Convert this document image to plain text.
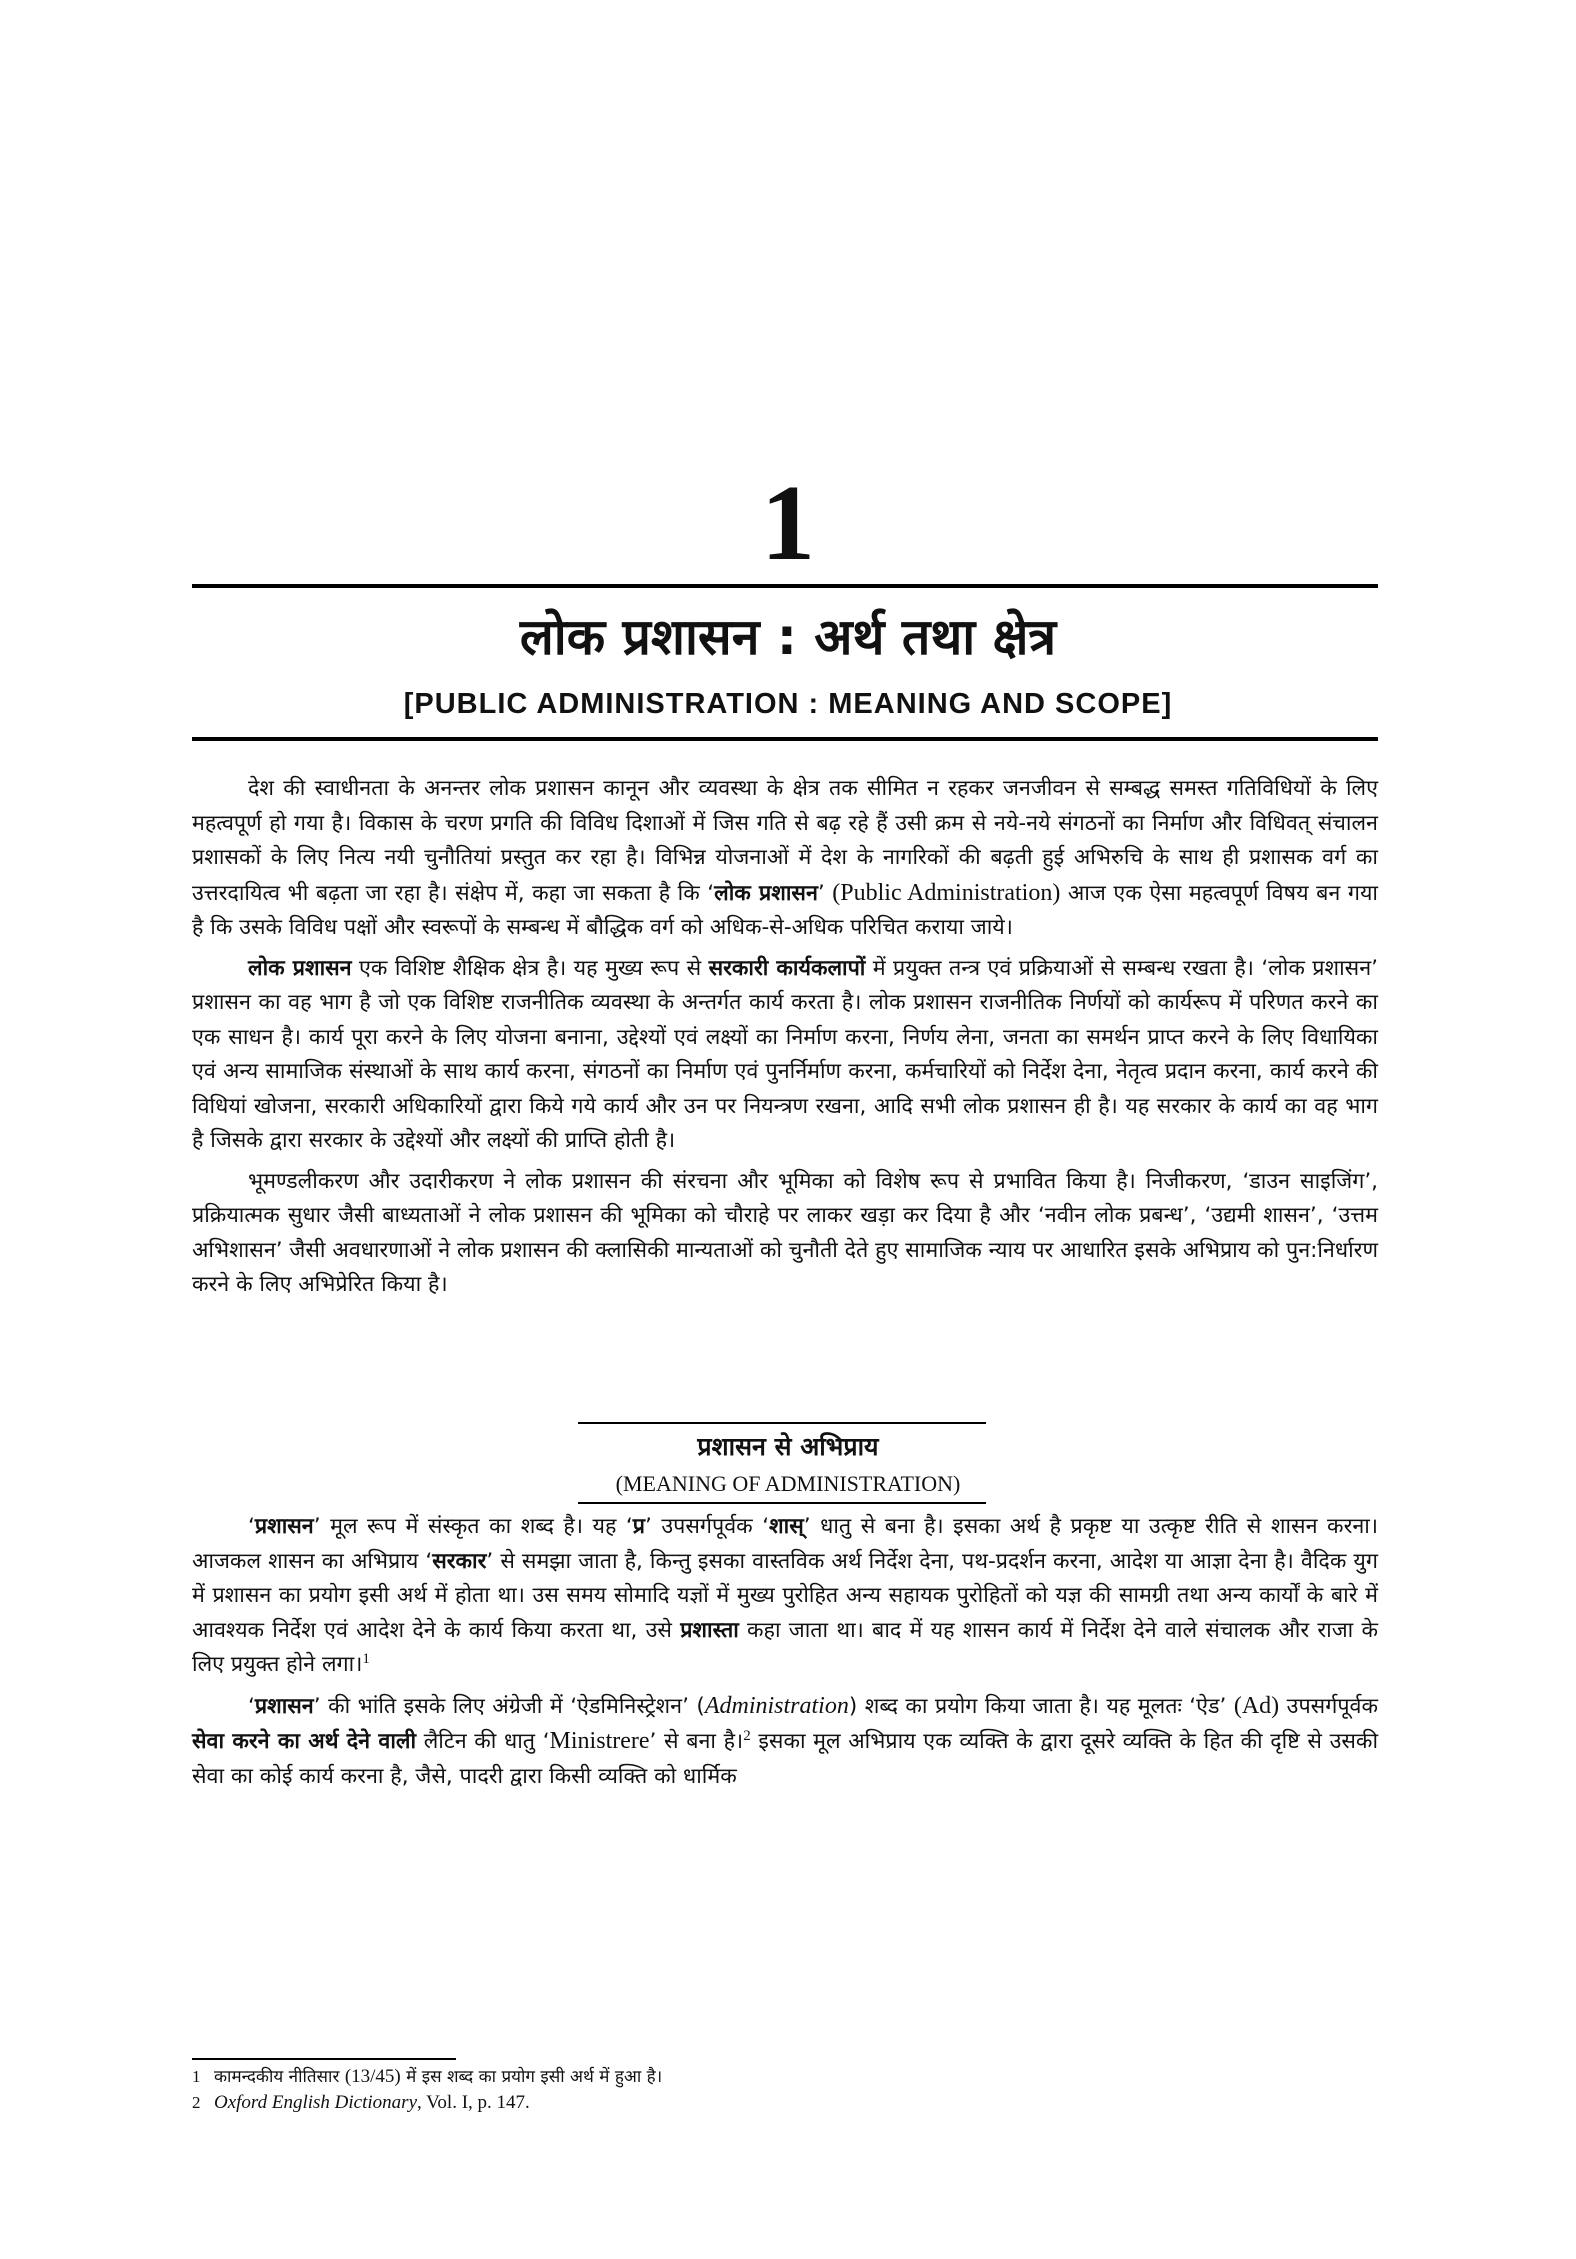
1
लोक प्रशासन : अर्थ तथा क्षेत्र
[PUBLIC ADMINISTRATION : MEANING AND SCOPE]

देश की स्वाधीनता के अनन्तर लोक प्रशासन कानून और व्यवस्था के क्षेत्र तक सीमित न रहकर जनजीवन से सम्बद्ध समस्त गतिविधियों के लिए महत्वपूर्ण हो गया है। विकास के चरण प्रगति की विविध दिशाओं में जिस गति से बढ़ रहे हैं उसी क्रम से नये-नये संगठनों का निर्माण और विधिवत् संचालन प्रशासकों के लिए नित्य नयी चुनौतियां प्रस्तुत कर रहा है। विभिन्न योजनाओं में देश के नागरिकों की बढ़ती हुई अभिरुचि के साथ ही प्रशासक वर्ग का उत्तरदायित्व भी बढ़ता जा रहा है। संक्षेप में, कहा जा सकता है कि ‘लोक प्रशासन’ (Public Administration) आज एक ऐसा महत्वपूर्ण विषय बन गया है कि उसके विविध पक्षों और स्वरूपों के सम्बन्ध में बौद्धिक वर्ग को अधिक-से-अधिक परिचित कराया जाये।

लोक प्रशासन एक विशिष्ट शैक्षिक क्षेत्र है। यह मुख्य रूप से सरकारी कार्यकलापों में प्रयुक्त तन्त्र एवं प्रक्रियाओं से सम्बन्ध रखता है। ‘लोक प्रशासन’ प्रशासन का वह भाग है जो एक विशिष्ट राजनीतिक व्यवस्था के अन्तर्गत कार्य करता है। लोक प्रशासन राजनीतिक निर्णयों को कार्यरूप में परिणत करने का एक साधन है। कार्य पूरा करने के लिए योजना बनाना, उद्देश्यों एवं लक्ष्यों का निर्माण करना, निर्णय लेना, जनता का समर्थन प्राप्त करने के लिए विधायिका एवं अन्य सामाजिक संस्थाओं के साथ कार्य करना, संगठनों का निर्माण एवं पुनर्निर्माण करना, कर्मचारियों को निर्देश देना, नेतृत्व प्रदान करना, कार्य करने की विधियां खोजना, सरकारी अधिकारियों द्वारा किये गये कार्य और उन पर नियन्त्रण रखना, आदि सभी लोक प्रशासन ही है। यह सरकार के कार्य का वह भाग है जिसके द्वारा सरकार के उद्देश्यों और लक्ष्यों की प्राप्ति होती है।

भूमण्डलीकरण और उदारीकरण ने लोक प्रशासन की संरचना और भूमिका को विशेष रूप से प्रभावित किया है। निजीकरण, ‘डाउन साइजिंग’, प्रक्रियात्मक सुधार जैसी बाध्यताओं ने लोक प्रशासन की भूमिका को चौराहे पर लाकर खड़ा कर दिया है और ‘नवीन लोक प्रबन्ध’, ‘उद्यमी शासन’, ‘उत्तम अभिशासन’ जैसी अवधारणाओं ने लोक प्रशासन की क्लासिकी मान्यताओं को चुनौती देते हुए सामाजिक न्याय पर आधारित इसके अभिप्राय को पुन:निर्धारण करने के लिए अभिप्रेरित किया है।

प्रशासन से अभिप्राय
(MEANING OF ADMINISTRATION)

‘प्रशासन’ मूल रूप में संस्कृत का शब्द है। यह ‘प्र’ उपसर्गपूर्वक ‘शास्’ धातु से बना है। इसका अर्थ है प्रकृष्ट या उत्कृष्ट रीति से शासन करना। आजकल शासन का अभिप्राय ‘सरकार’ से समझा जाता है, किन्तु इसका वास्तविक अर्थ निर्देश देना, पथ-प्रदर्शन करना, आदेश या आज्ञा देना है। वैदिक युग में प्रशासन का प्रयोग इसी अर्थ में होता था। उस समय सोमादि यज्ञों में मुख्य पुरोहित अन्य सहायक पुरोहितों को यज्ञ की सामग्री तथा अन्य कार्यों के बारे में आवश्यक निर्देश एवं आदेश देने के कार्य किया करता था, उसे प्रशास्ता कहा जाता था। बाद में यह शासन कार्य में निर्देश देने वाले संचालक और राजा के लिए प्रयुक्त होने लगा।$^1$

‘प्रशासन’ की भांति इसके लिए अंग्रेजी में ‘ऐडमिनिस्ट्रेशन’ (Administration) शब्द का प्रयोग किया जाता है। यह मूलतः ‘ऐड’ (Ad) उपसर्गपूर्वक सेवा करने का अर्थ देने वाली लैटिन की धातु ‘Ministrere’ से बना है।$^2$ इसका मूल अभिप्राय एक व्यक्ति के द्वारा दूसरे व्यक्ति के हित की दृष्टि से उसकी सेवा का कोई कार्य करना है, जैसे, पादरी द्वारा किसी व्यक्ति को धार्मिक

1 कामन्दकीय नीतिसार (13/45) में इस शब्द का प्रयोग इसी अर्थ में हुआ है।
2 Oxford English Dictionary, Vol. I, p. 147.
